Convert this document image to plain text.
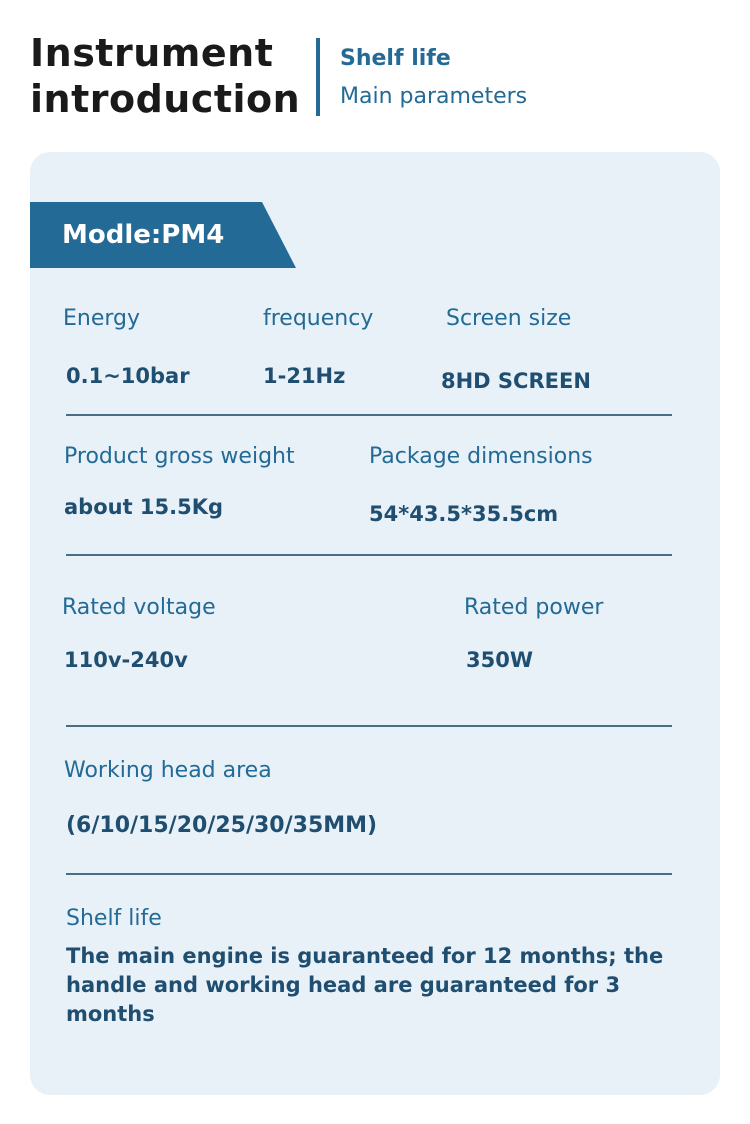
Instrument
introduction
Shelf life
Main parameters
Modle:PM4
Energy
0.1~10bar
frequency
1-21Hz
Screen size
8HD SCREEN
Product gross weight
about 15.5Kg
Package dimensions
54*43.5*35.5cm
Rated voltage
110v-240v
Rated power
350W
Working head area
(6/10/15/20/25/30/35MM)
Shelf life
The main engine is guaranteed for 12 months; the handle and working head are guaranteed for 3 months
